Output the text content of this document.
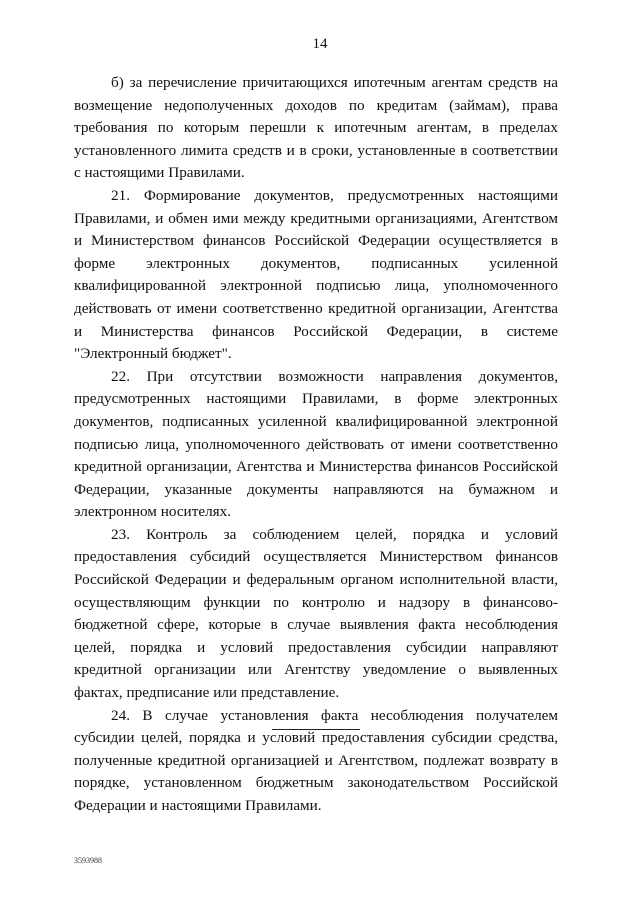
14

б) за перечисление причитающихся ипотечным агентам средств на возмещение недополученных доходов по кредитам (займам), права требования по которым перешли к ипотечным агентам, в пределах установленного лимита средств и в сроки, установленные в соответствии с настоящими Правилами.

21. Формирование документов, предусмотренных настоящими Правилами, и обмен ими между кредитными организациями, Агентством и Министерством финансов Российской Федерации осуществляется в форме электронных документов, подписанных усиленной квалифицированной электронной подписью лица, уполномоченного действовать от имени соответственно кредитной организации, Агентства и Министерства финансов Российской Федерации, в системе "Электронный бюджет".

22. При отсутствии возможности направления документов, предусмотренных настоящими Правилами, в форме электронных документов, подписанных усиленной квалифицированной электронной подписью лица, уполномоченного действовать от имени соответственно кредитной организации, Агентства и Министерства финансов Российской Федерации, указанные документы направляются на бумажном и электронном носителях.

23. Контроль за соблюдением целей, порядка и условий предоставления субсидий осуществляется Министерством финансов Российской Федерации и федеральным органом исполнительной власти, осуществляющим функции по контролю и надзору в финансово-бюджетной сфере, которые в случае выявления факта несоблюдения целей, порядка и условий предоставления субсидии направляют кредитной организации или Агентству уведомление о выявленных фактах, предписание или представление.

24. В случае установления факта несоблюдения получателем субсидии целей, порядка и условий предоставления субсидии средства, полученные кредитной организацией и Агентством, подлежат возврату в порядке, установленном бюджетным законодательством Российской Федерации и настоящими Правилами.

3593988
